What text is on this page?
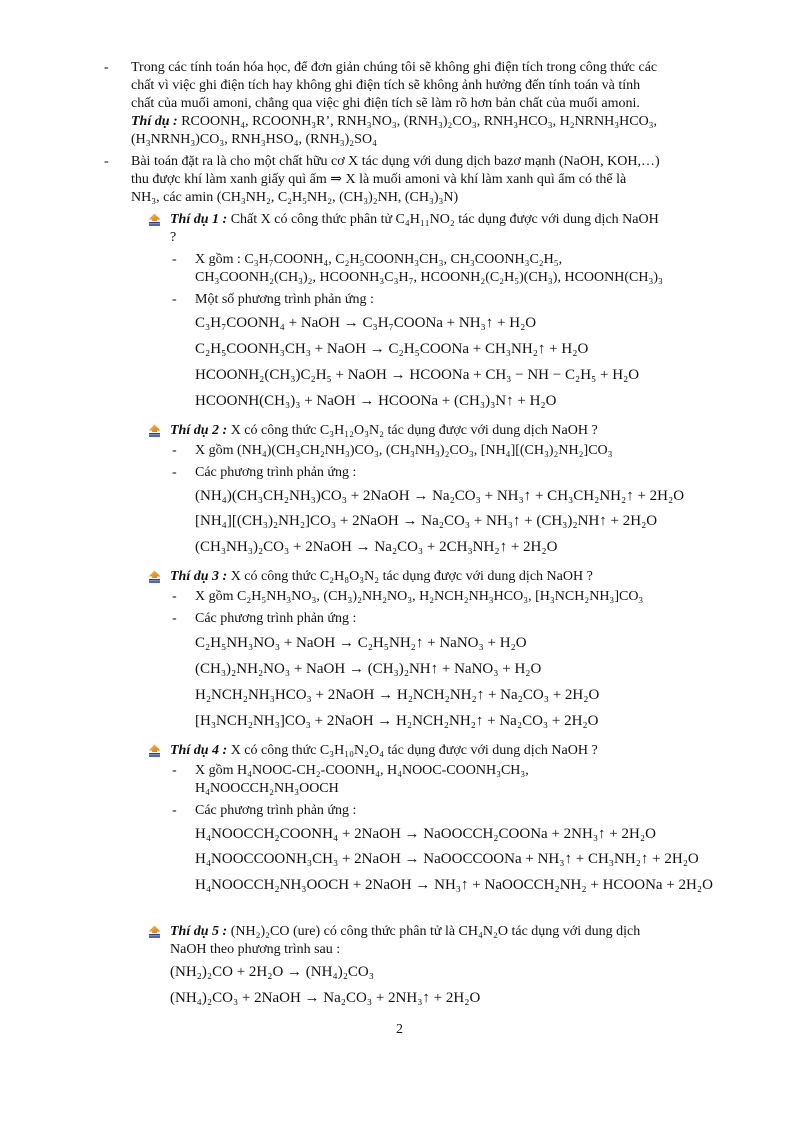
- Trong các tính toán hóa học, để đơn giản chúng tôi sẽ không ghi điện tích trong công thức các
chất vì việc ghi điện tích hay không ghi điện tích sẽ không ảnh hưởng đến tính toán và tính
chất của muối amoni, chẳng qua việc ghi điện tích sẽ làm rõ hơn bản chất của muối amoni.
Thí dụ : RCOONH₄, RCOONH₃R’, RNH₃NO₃, (RNH₃)₂CO₃, RNH₃HCO₃, H₂NRNH₃HCO₃,
(H₃NRNH₃)CO₃, RNH₃HSO₄, (RNH₃)₂SO₄
- Bài toán đặt ra là cho một chất hữu cơ X tác dụng với dung dịch bazơ mạnh (NaOH, KOH,…)
thu được khí làm xanh giấy quì ẩm ⇒ X là muối amoni và khí làm xanh quì ẩm có thể là
NH₃, các amin (CH₃NH₂, C₂H₅NH₂, (CH₃)₂NH, (CH₃)₃N)
Thí dụ 1 : Chất X có công thức phân tử C₄H₁₁NO₂ tác dụng được với dung dịch NaOH
?
- X gồm : C₃H₇COONH₄, C₂H₅COONH₃CH₃, CH₃COONH₃C₂H₅,
CH₃COONH₂(CH₃)₂, HCOONH₃C₃H₇, HCOONH₂(C₂H₅)(CH₃), HCOONH(CH₃)₃
- Một số phương trình phản ứng :
C₃H₇COONH₄ + NaOH → C₃H₇COONa + NH₃↑ + H₂O
C₂H₅COONH₃CH₃ + NaOH → C₂H₅COONa + CH₃NH₂↑ + H₂O
HCOONH₂(CH₃)C₂H₅ + NaOH → HCOONa + CH₃ − NH − C₂H₅ + H₂O
HCOONH(CH₃)₃ + NaOH → HCOONa + (CH₃)₃N↑ + H₂O
Thí dụ 2 : X có công thức C₃H₁₂O₃N₂ tác dụng được với dung dịch NaOH ?
- X gồm (NH₄)(CH₃CH₂NH₃)CO₃, (CH₃NH₃)₂CO₃, [NH₄][(CH₃)₂NH₂]CO₃
- Các phương trình phản ứng :
(NH₄)(CH₃CH₂NH₃)CO₃ + 2NaOH → Na₂CO₃ + NH₃↑ + CH₃CH₂NH₂↑ + 2H₂O
[NH₄][(CH₃)₂NH₂]CO₃ + 2NaOH → Na₂CO₃ + NH₃↑ + (CH₃)₂NH↑ + 2H₂O
(CH₃NH₃)₂CO₃ + 2NaOH → Na₂CO₃ + 2CH₃NH₂↑ + 2H₂O
Thí dụ 3 : X có công thức C₂H₈O₃N₂ tác dụng được với dung dịch NaOH ?
- X gồm C₂H₅NH₃NO₃, (CH₃)₂NH₂NO₃, H₂NCH₂NH₃HCO₃, [H₃NCH₂NH₃]CO₃
- Các phương trình phản ứng :
C₂H₅NH₃NO₃ + NaOH → C₂H₅NH₂↑ + NaNO₃ + H₂O
(CH₃)₂NH₂NO₃ + NaOH → (CH₃)₂NH↑ + NaNO₃ + H₂O
H₂NCH₂NH₃HCO₃ + 2NaOH → H₂NCH₂NH₂↑ + Na₂CO₃ + 2H₂O
[H₃NCH₂NH₃]CO₃ + 2NaOH → H₂NCH₂NH₂↑ + Na₂CO₃ + 2H₂O
Thí dụ 4 : X có công thức C₃H₁₀N₂O₄ tác dụng được với dung dịch NaOH ?
- X gồm H₄NOOC-CH₂-COONH₄, H₄NOOC-COONH₃CH₃,
H₄NOOCCH₂NH₃OOCH
- Các phương trình phản ứng :
H₄NOOCCH₂COONH₄ + 2NaOH → NaOOCCH₂COONa + 2NH₃↑ + 2H₂O
H₄NOOCCOONH₃CH₃ + 2NaOH → NaOOCCOONa + NH₃↑ + CH₃NH₂↑ + 2H₂O
H₄NOOCCH₂NH₃OOCH + 2NaOH → NH₃↑ + NaOOCCH₂NH₂ + HCOONa + 2H₂O
Thí dụ 5 : (NH₂)₂CO (ure) có công thức phân tử là CH₄N₂O tác dụng với dung dịch
NaOH theo phương trình sau :
(NH₂)₂CO + 2H₂O → (NH₄)₂CO₃
(NH₄)₂CO₃ + 2NaOH → Na₂CO₃ + 2NH₃↑ + 2H₂O
2
